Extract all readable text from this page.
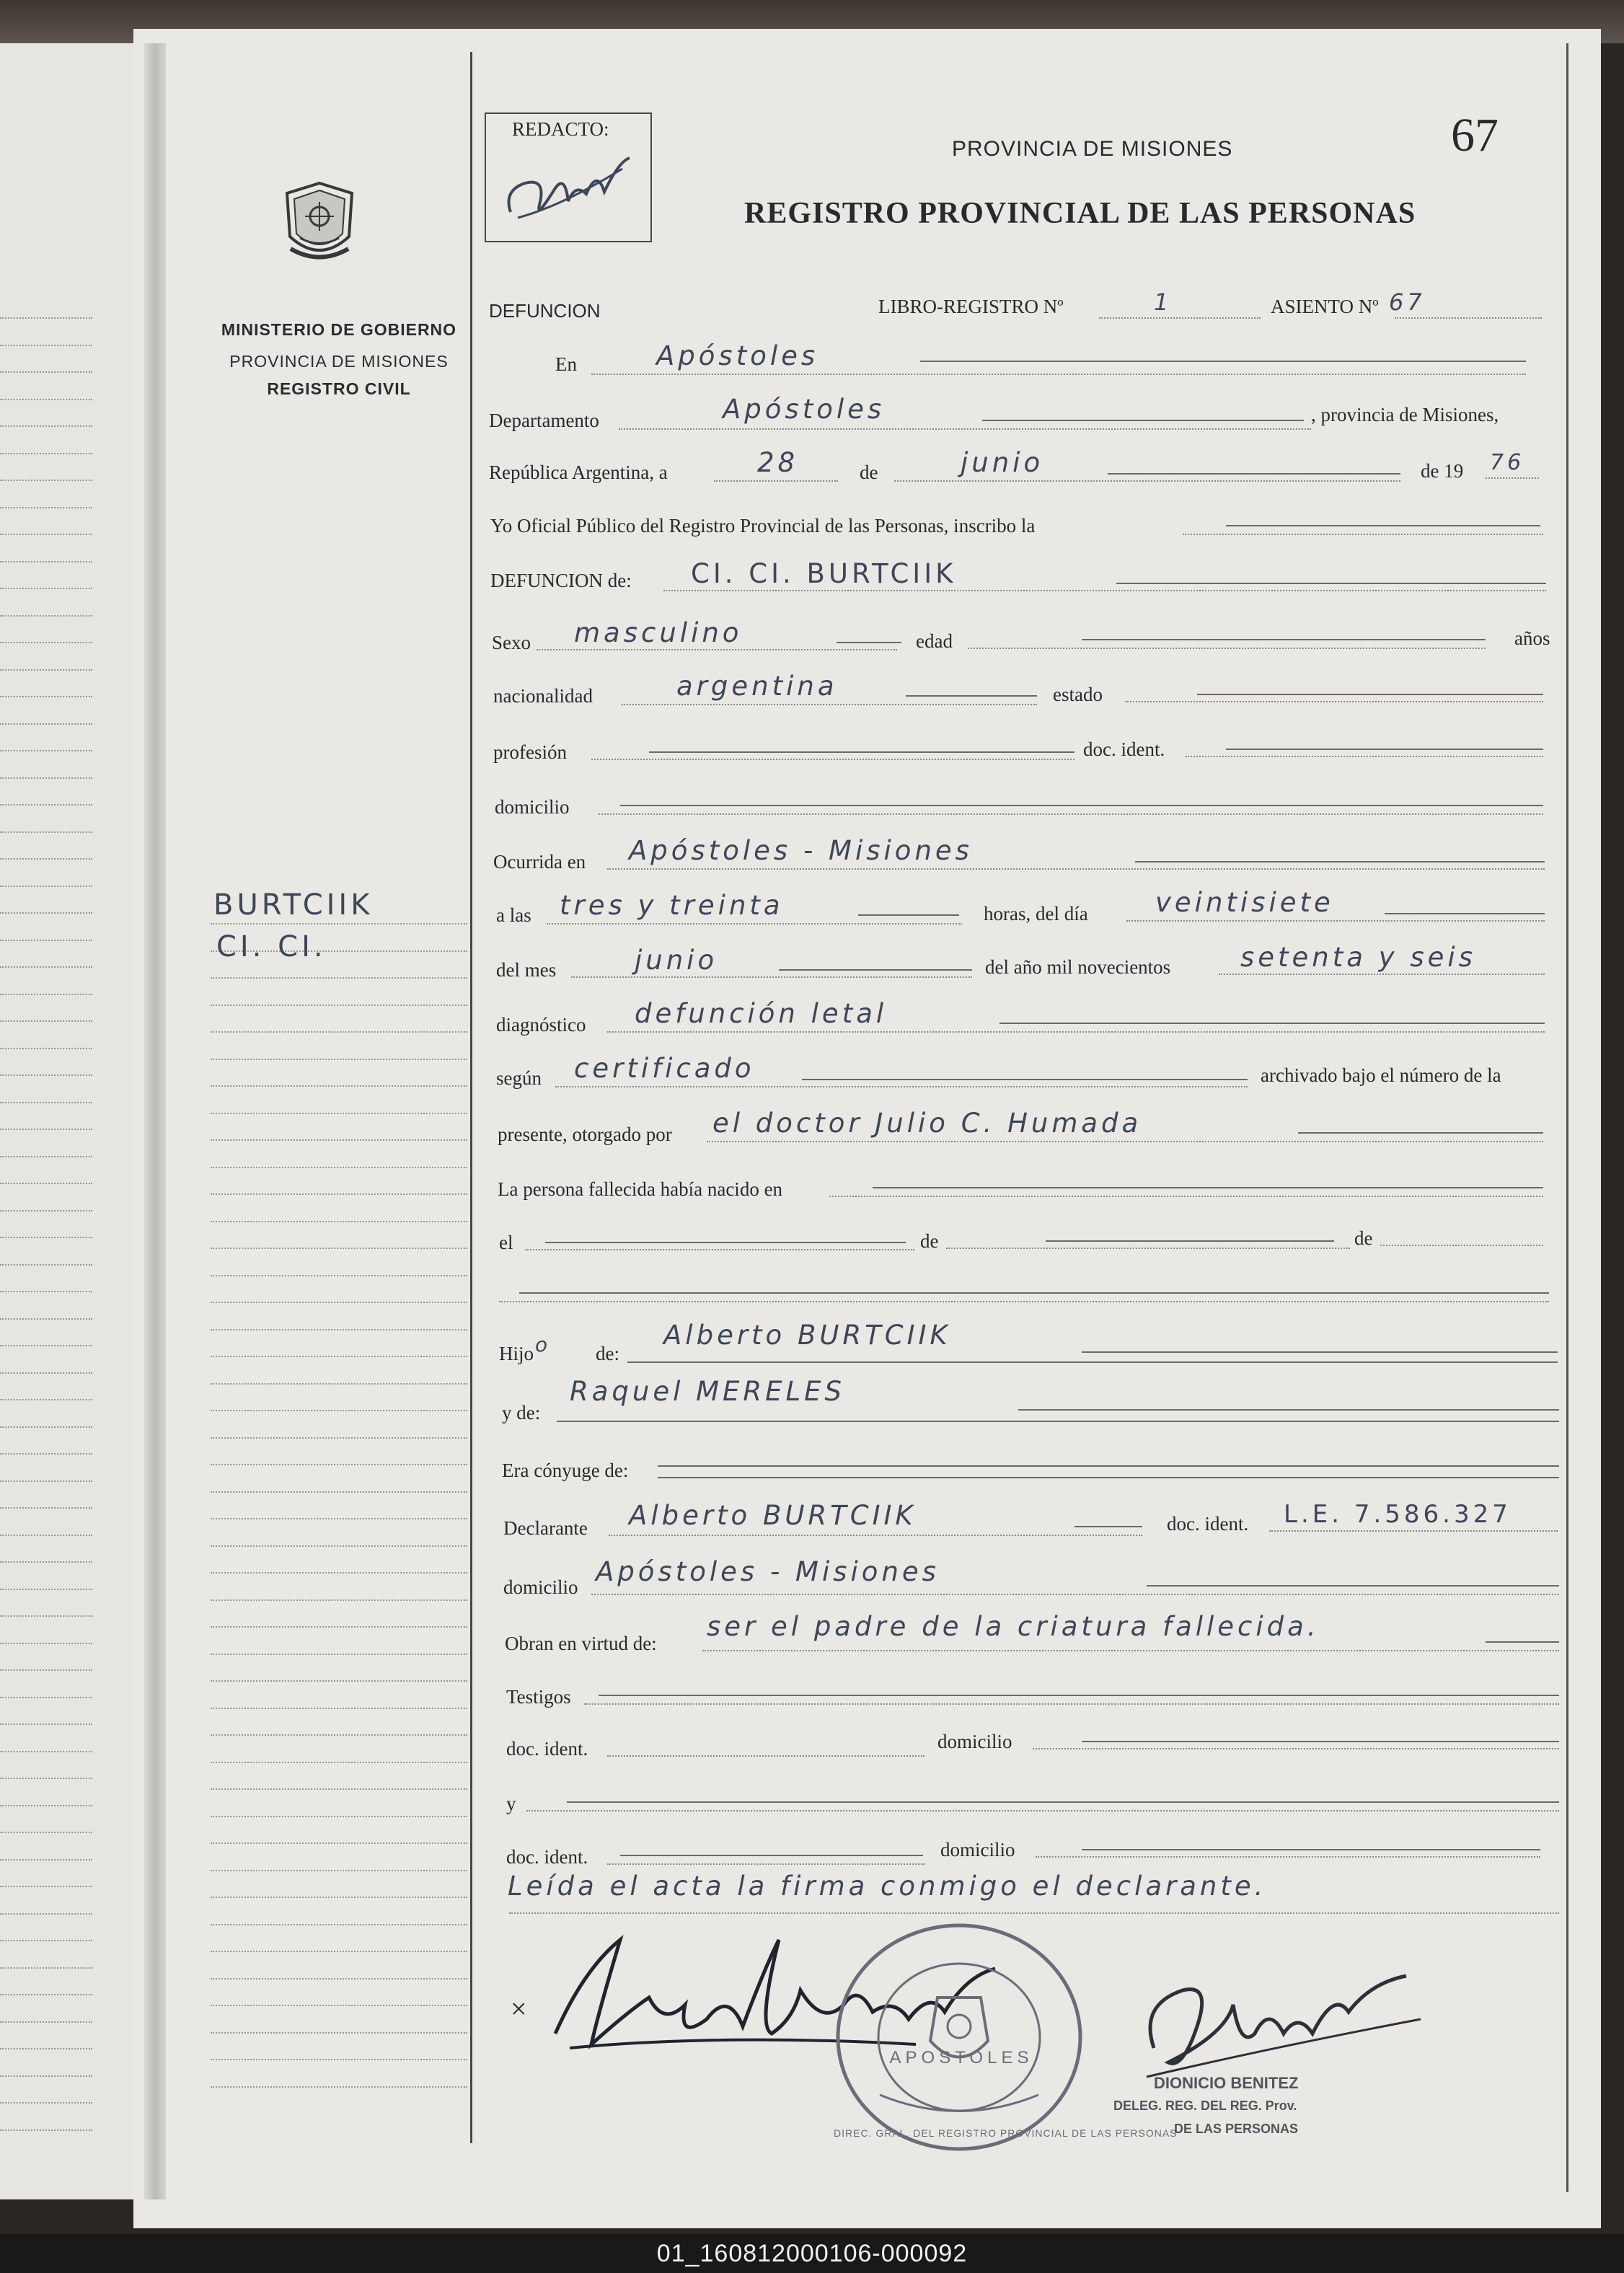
MINISTERIO DE GOBIERNO
PROVINCIA DE MISIONES
REGISTRO CIVIL
BURTCIIK
CI. CI.
REDACTO:	67
PROVINCIA DE MISIONES
REGISTRO PROVINCIAL DE LAS PERSONAS
DEFUNCION	LIBRO-REGISTRO Nº	1	ASIENTO Nº 67
En	Apóstoles
Departamento	Apóstoles	, provincia de Misiones,
República Argentina, a	28	de	junio	de 19 76
Yo Oficial Público del Registro Provincial de las Personas, inscribo la
DEFUNCION de: CI. CI. BURTCIIK
Sexo masculino	edad	años
nacionalidad	argentina	estado
profesión	doc. ident.
domicilio
Ocurrida en Apóstoles - Misiones
a las tres y treinta	horas, del día	veintisiete
del mes	junio	del año mil novecientos	setenta y seis
diagnóstico defunción letal
según certificado	archivado bajo el número de la
presente, otorgado por el doctor Julio C. Humada
La persona fallecida había nacido en
el	de	de
Hijo o de:
Alberto BURTCIIK
y de:
Raquel MERELES
Era cónyuge de:
Declarante Alberto BURTCIIK	doc. ident. L.E. 7.586.327
domicilio Apóstoles - Misiones
Obran en virtud de:
ser el padre de la criatura fallecida.
Testigos
doc. ident.	domicilio
y
doc. ident.	domicilio
Leída el acta la firma conmigo el declarante.
×
APOSTOLES
DIREC. GRAL. DEL REGISTRO PROVINCIAL DE LAS PERSONAS
DIONICIO BENITEZ
DELEG. REG. DEL REG. Prov.
DE LAS PERSONAS
01_160812000106-000092
